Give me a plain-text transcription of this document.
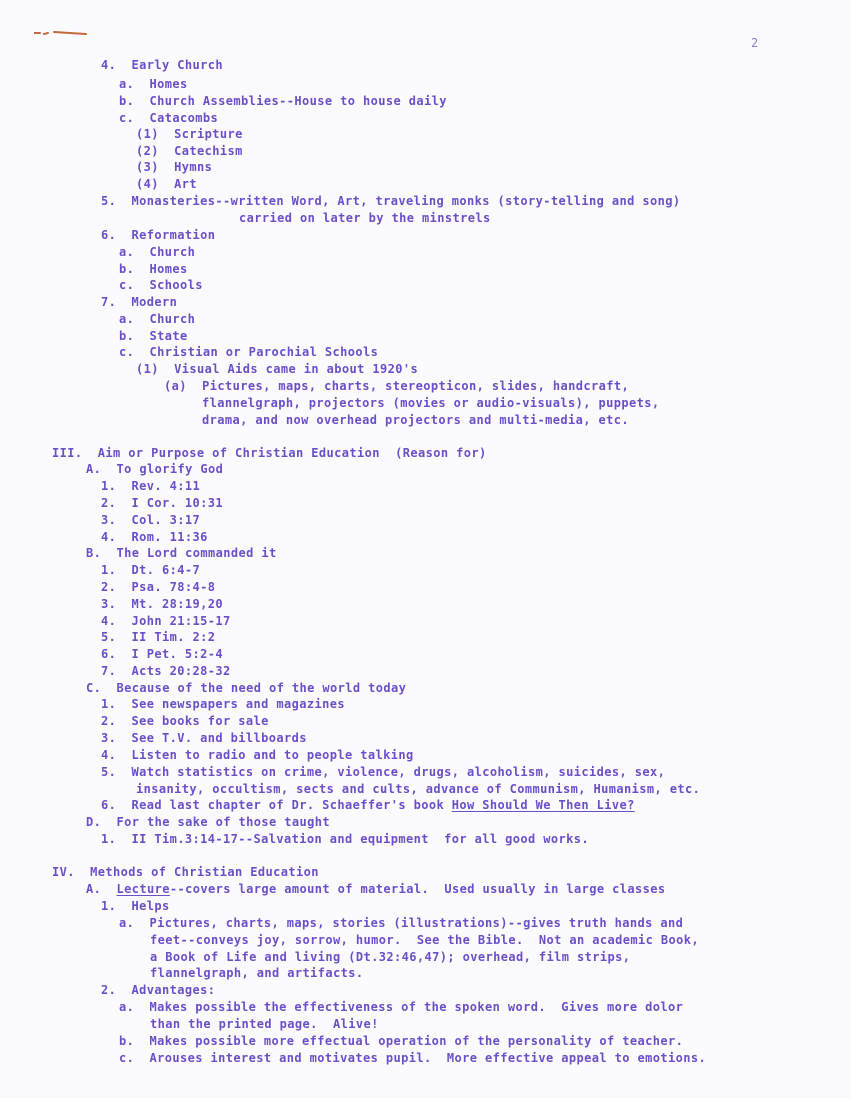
2
4.  Early Church
a.  Homes
b.  Church Assemblies--House to house daily
c.  Catacombs
(1)  Scripture
(2)  Catechism
(3)  Hymns
(4)  Art
5.  Monasteries--written Word, Art, traveling monks (story-telling and song)
carried on later by the minstrels
6.  Reformation
a.  Church
b.  Homes
c.  Schools
7.  Modern
a.  Church
b.  State
c.  Christian or Parochial Schools
(1)  Visual Aids came in about 1920's
(a)  Pictures, maps, charts, stereopticon, slides, handcraft,
flannelgraph, projectors (movies or audio-visuals), puppets,
drama, and now overhead projectors and multi-media, etc.
III.  Aim or Purpose of Christian Education  (Reason for)
A.  To glorify God
1.  Rev. 4:11
2.  I Cor. 10:31
3.  Col. 3:17
4.  Rom. 11:36
B.  The Lord commanded it
1.  Dt. 6:4-7
2.  Psa. 78:4-8
3.  Mt. 28:19,20
4.  John 21:15-17
5.  II Tim. 2:2
6.  I Pet. 5:2-4
7.  Acts 20:28-32
C.  Because of the need of the world today
1.  See newspapers and magazines
2.  See books for sale
3.  See T.V. and billboards
4.  Listen to radio and to people talking
5.  Watch statistics on crime, violence, drugs, alcoholism, suicides, sex,
insanity, occultism, sects and cults, advance of Communism, Humanism, etc.
6.  Read last chapter of Dr. Schaeffer's book How Should We Then Live?
D.  For the sake of those taught
1.  II Tim.3:14-17--Salvation and equipment  for all good works.
IV.  Methods of Christian Education
A.  Lecture--covers large amount of material.  Used usually in large classes
1.  Helps
a.  Pictures, charts, maps, stories (illustrations)--gives truth hands and
feet--conveys joy, sorrow, humor.  See the Bible.  Not an academic Book,
a Book of Life and living (Dt.32:46,47); overhead, film strips,
flannelgraph, and artifacts.
2.  Advantages:
a.  Makes possible the effectiveness of the spoken word.  Gives more dolor
than the printed page.  Alive!
b.  Makes possible more effectual operation of the personality of teacher.
c.  Arouses interest and motivates pupil.  More effective appeal to emotions.
